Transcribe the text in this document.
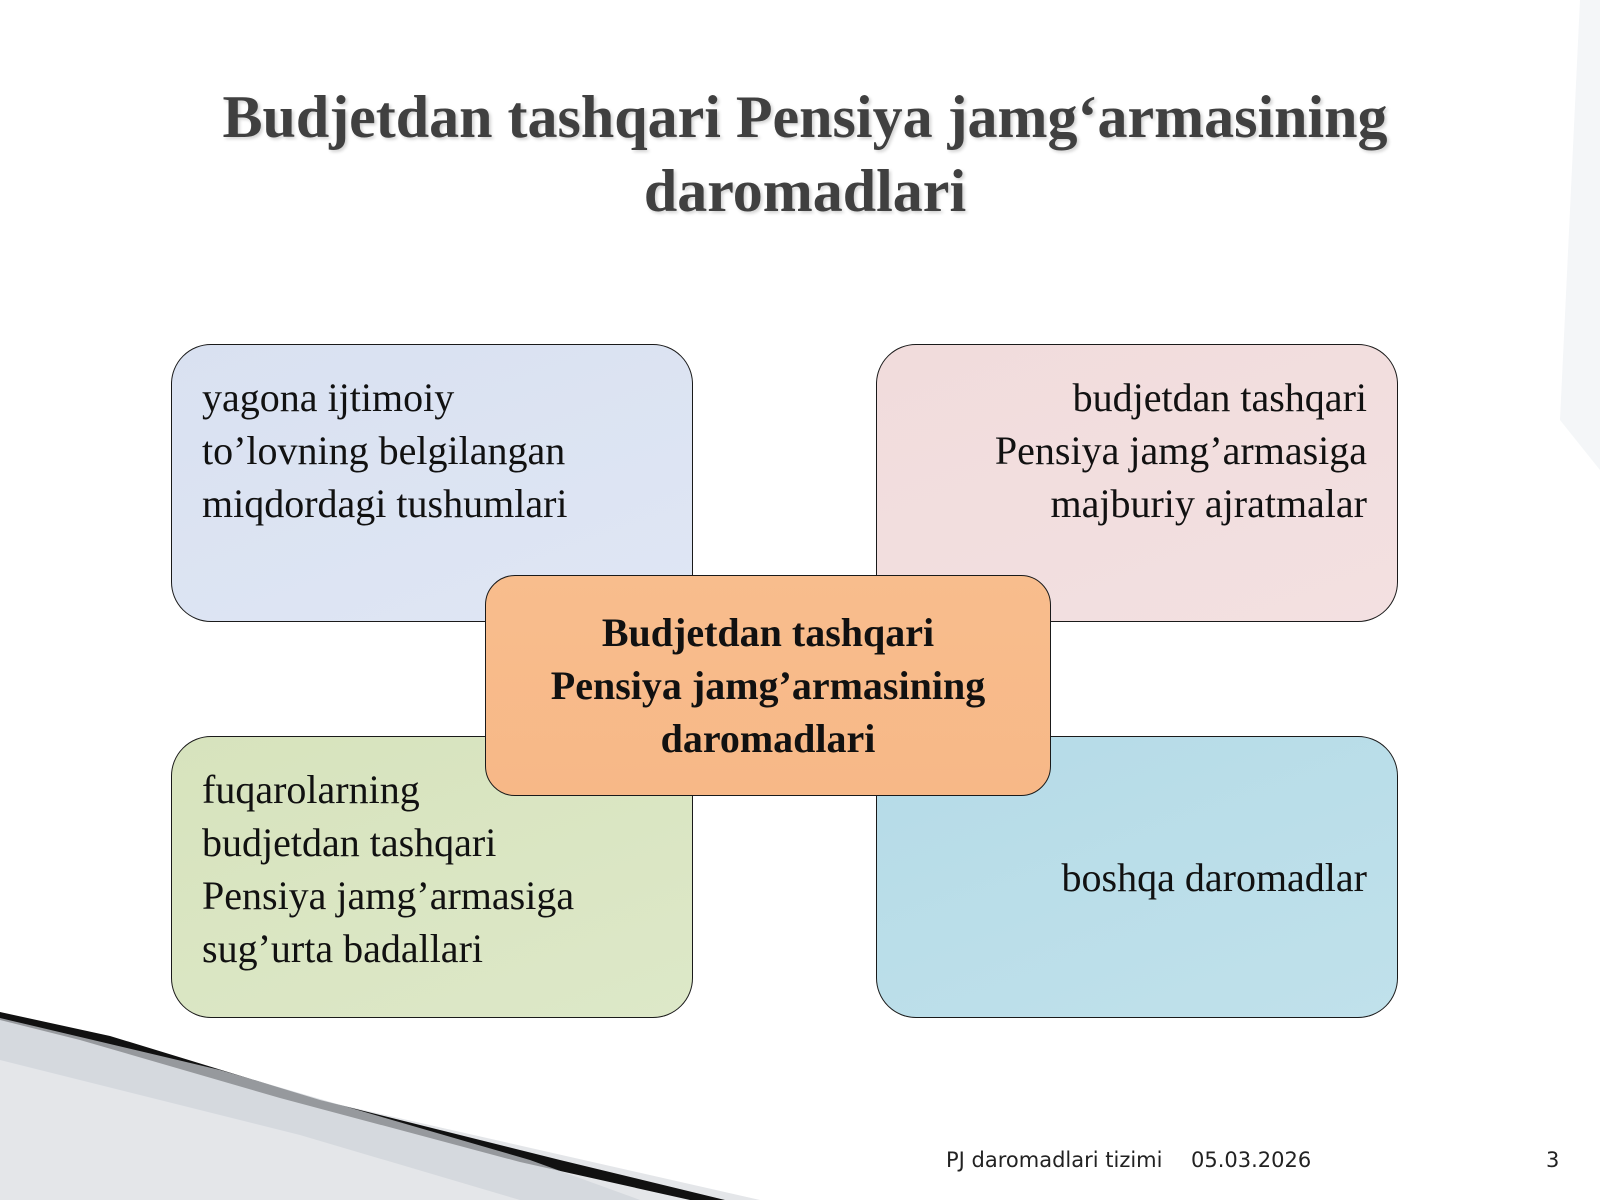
Budjetdan tashqari Pensiya jamg‘armasining
daromadlari
yagona ijtimoiy
to’lovning belgilangan
miqdordagi tushumlari
budjetdan tashqari
Pensiya jamg’armasiga
majburiy ajratmalar
fuqarolarning
budjetdan tashqari
Pensiya jamg’armasiga
sug’urta badallari
boshqa daromadlar
Budjetdan tashqari
Pensiya jamg’armasining
daromadlari
PJ daromadlari tizimi 05.03.2026	3
